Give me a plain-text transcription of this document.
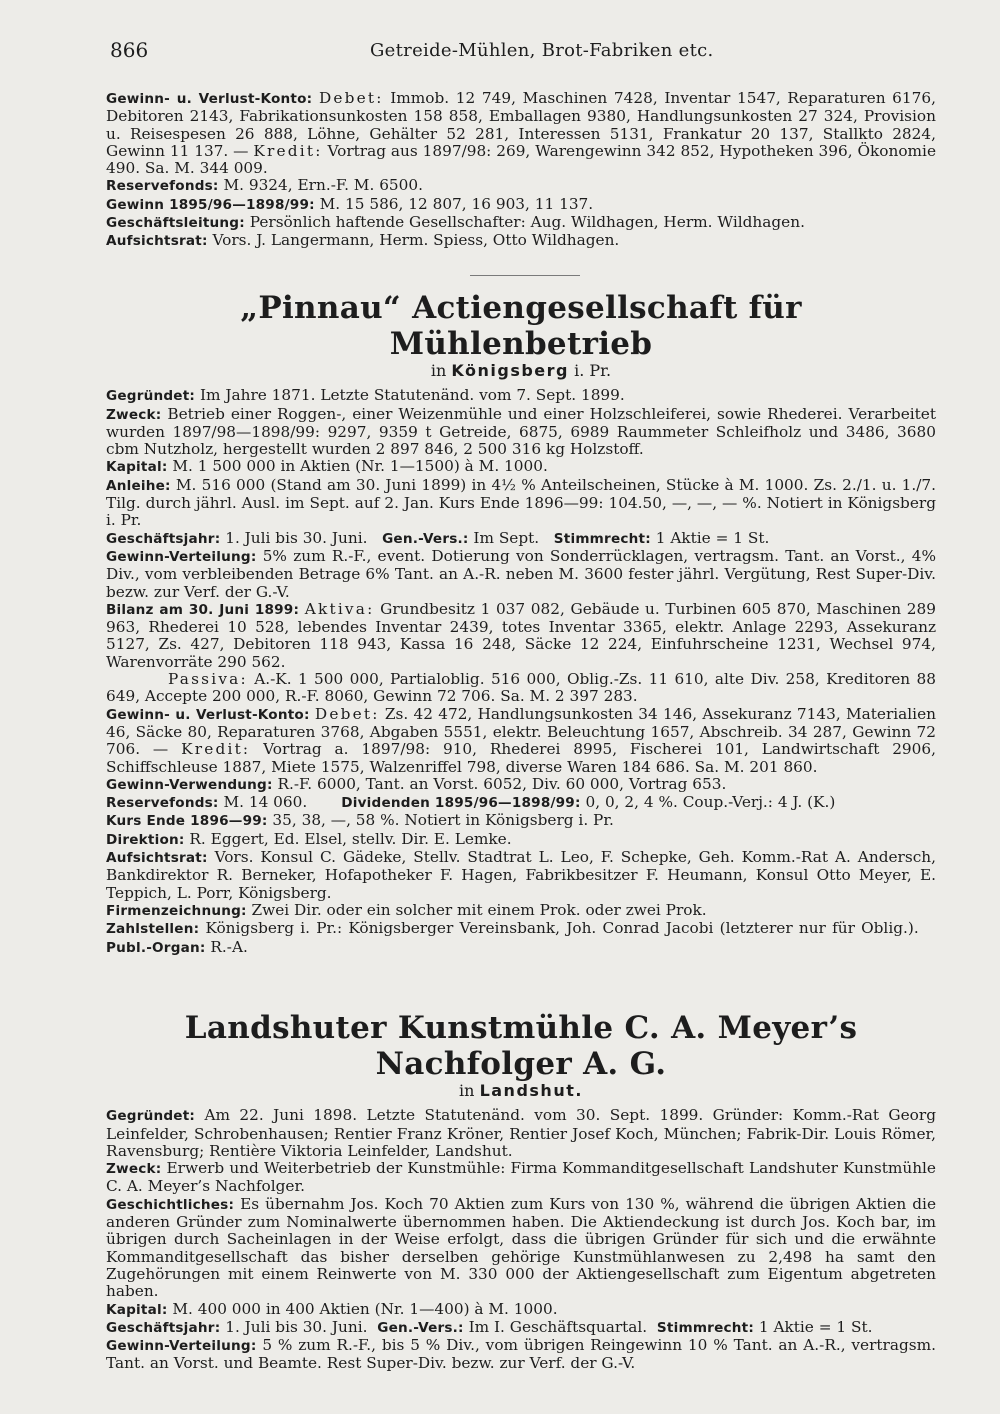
866	Getreide-Mühlen, Brot-Fabriken etc.

Gewinn- u. Verlust-Konto: Debet: Immob. 12 749, Maschinen 7428, Inventar 1547, Reparaturen 6176, Debitoren 2143, Fabrikationsunkosten 158 858, Emballagen 9380, Handlungsunkosten 27 324, Provision u. Reisespesen 26 888, Löhne, Gehälter 52 281, Interessen 5131, Frankatur 20 137, Stallkto 2824, Gewinn 11 137. — Kredit: Vortrag aus 1897/98: 269, Warengewinn 342 852, Hypotheken 396, Ökonomie 490. Sa. M. 344 009.

Reservefonds: M. 9324, Ern.-F. M. 6500.

Gewinn 1895/96—1898/99: M. 15 586, 12 807, 16 903, 11 137.

Geschäftsleitung: Persönlich haftende Gesellschafter: Aug. Wildhagen, Herm. Wildhagen.

Aufsichtsrat: Vors. J. Langermann, Herm. Spiess, Otto Wildhagen.

„Pinnau“ Actiengesellschaft für Mühlenbetrieb

in Königsberg i. Pr.

Gegründet: Im Jahre 1871. Letzte Statutenänd. vom 7. Sept. 1899.

Zweck: Betrieb einer Roggen-, einer Weizenmühle und einer Holzschleiferei, sowie Rhederei. Verarbeitet wurden 1897/98—1898/99: 9297, 9359 t Getreide, 6875, 6989 Raummeter Schleifholz und 3486, 3680 cbm Nutzholz, hergestellt wurden 2 897 846, 2 500 316 kg Holzstoff.

Kapital: M. 1 500 000 in Aktien (Nr. 1—1500) à M. 1000.

Anleihe: M. 516 000 (Stand am 30. Juni 1899) in 4½ % Anteilscheinen, Stücke à M. 1000. Zs. 2./1. u. 1./7. Tilg. durch jährl. Ausl. im Sept. auf 2. Jan. Kurs Ende 1896—99: 104.50, —, —, — %. Notiert in Königsberg i. Pr.

Geschäftsjahr: 1. Juli bis 30. Juni. Gen.-Vers.: Im Sept. Stimmrecht: 1 Aktie = 1 St.

Gewinn-Verteilung: 5% zum R.-F., event. Dotierung von Sonderrücklagen, vertragsm. Tant. an Vorst., 4% Div., vom verbleibenden Betrage 6% Tant. an A.-R. neben M. 3600 fester jährl. Vergütung, Rest Super-Div. bezw. zur Verf. der G.-V.

Bilanz am 30. Juni 1899: Aktiva: Grundbesitz 1 037 082, Gebäude u. Turbinen 605 870, Maschinen 289 963, Rhederei 10 528, lebendes Inventar 2439, totes Inventar 3365, elektr. Anlage 2293, Assekuranz 5127, Zs. 427, Debitoren 118 943, Kassa 16 248, Säcke 12 224, Einfuhrscheine 1231, Wechsel 974, Warenvorräte 290 562.

Passiva: A.-K. 1 500 000, Partialoblig. 516 000, Oblig.-Zs. 11 610, alte Div. 258, Kreditoren 88 649, Accepte 200 000, R.-F. 8060, Gewinn 72 706. Sa. M. 2 397 283.

Gewinn- u. Verlust-Konto: Debet: Zs. 42 472, Handlungsunkosten 34 146, Assekuranz 7143, Materialien 46, Säcke 80, Reparaturen 3768, Abgaben 5551, elektr. Beleuchtung 1657, Abschreib. 34 287, Gewinn 72 706. — Kredit: Vortrag a. 1897/98: 910, Rhederei 8995, Fischerei 101, Landwirtschaft 2906, Schiffschleuse 1887, Miete 1575, Walzenriffel 798, diverse Waren 184 686. Sa. M. 201 860.

Gewinn-Verwendung: R.-F. 6000, Tant. an Vorst. 6052, Div. 60 000, Vortrag 653.

Reservefonds: M. 14 060.	Dividenden 1895/96—1898/99: 0, 0, 2, 4 %. Coup.-Verj.: 4 J. (K.)

Kurs Ende 1896—99: 35, 38, —, 58 %. Notiert in Königsberg i. Pr.

Direktion: R. Eggert, Ed. Elsel, stellv. Dir. E. Lemke.

Aufsichtsrat: Vors. Konsul C. Gädeke, Stellv. Stadtrat L. Leo, F. Schepke, Geh. Komm.-Rat A. Andersch, Bankdirektor R. Berneker, Hofapotheker F. Hagen, Fabrikbesitzer F. Heumann, Konsul Otto Meyer, E. Teppich, L. Porr, Königsberg.

Firmenzeichnung: Zwei Dir. oder ein solcher mit einem Prok. oder zwei Prok.

Zahlstellen: Königsberg i. Pr.: Königsberger Vereinsbank, Joh. Conrad Jacobi (letzterer nur für Oblig.).    Publ.-Organ: R.-A.

Landshuter Kunstmühle C. A. Meyer’s Nachfolger A. G.

in Landshut.

Gegründet: Am 22. Juni 1898. Letzte Statutenänd. vom 30. Sept. 1899. Gründer: Komm.-Rat Georg Leinfelder, Schrobenhausen; Rentier Franz Kröner, Rentier Josef Koch, München; Fabrik-Dir. Louis Römer, Ravensburg; Rentière Viktoria Leinfelder, Landshut.

Zweck: Erwerb und Weiterbetrieb der Kunstmühle: Firma Kommanditgesellschaft Landshuter Kunstmühle C. A. Meyer’s Nachfolger.

Geschichtliches: Es übernahm Jos. Koch 70 Aktien zum Kurs von 130 %, während die übrigen Aktien die anderen Gründer zum Nominalwerte übernommen haben. Die Aktiendeckung ist durch Jos. Koch bar, im übrigen durch Sacheinlagen in der Weise erfolgt, dass die übrigen Gründer für sich und die erwähnte Kommanditgesellschaft das bisher derselben gehörige Kunstmühlanwesen zu 2,498 ha samt den Zugehörungen mit einem Reinwerte von M. 330 000 der Aktiengesellschaft zum Eigentum abgetreten haben.

Kapital: M. 400 000 in 400 Aktien (Nr. 1—400) à M. 1000.

Geschäftsjahr: 1. Juli bis 30. Juni. Gen.-Vers.: Im I. Geschäftsquartal. Stimmrecht: 1 Aktie = 1 St.

Gewinn-Verteilung: 5 % zum R.-F., bis 5 % Div., vom übrigen Reingewinn 10 % Tant. an A.-R., vertragsm. Tant. an Vorst. und Beamte. Rest Super-Div. bezw. zur Verf. der G.-V.
